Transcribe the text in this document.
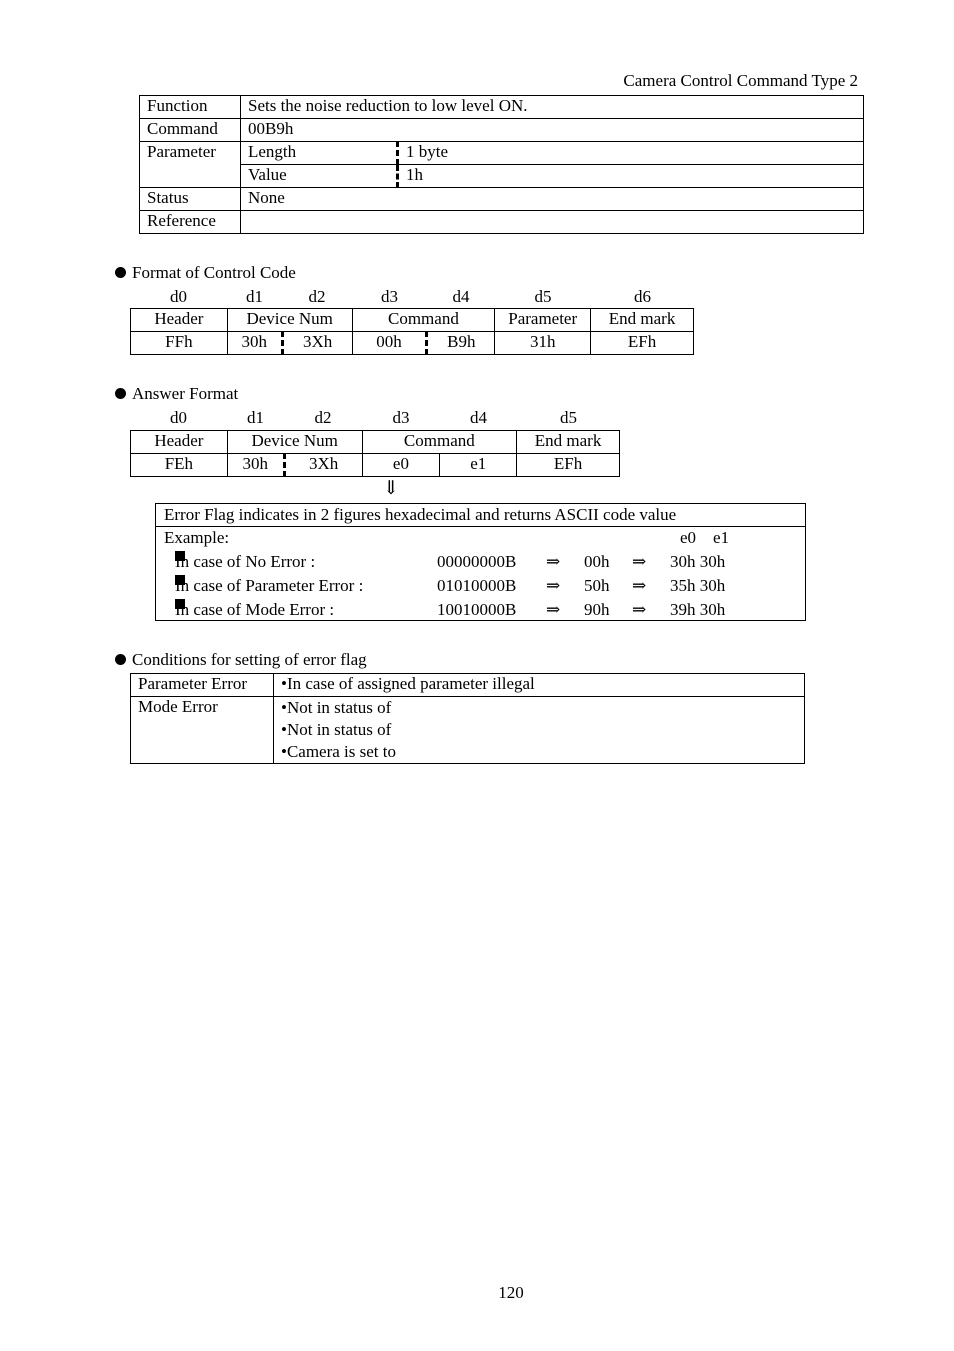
Camera Control Command Type 2
Function	Sets the noise reduction to low level ON.	
Command	00B9h	
Parameter	Length	1 byte
	Value	1h
Status	None	
Reference		
Format of Control Code
d0	d1	d2	d3	d4	d5	d6
Header	Device Num		Command		Parameter	End mark
FFh	30h	3Xh	00h	B9h	31h	EFh
Answer Format
d0	d1	d2	d3	d4	d5
Header	Device Num		Command		End mark
FEh	30h	3Xh	e0	e1	EFh
⇓
Error Flag indicates in 2 figures hexadecimal and returns ASCII code value
Example:	e0    e1
In case of No Error :	00000000B ⇒ 00h ⇒ 30h 30h
In case of Parameter Error :	01010000B ⇒ 50h ⇒ 35h 30h
In case of Mode Error :	10010000B ⇒ 90h ⇒ 39h 30h
Conditions for setting of error flag
Parameter Error	•In case of assigned parameter illegal
Mode Error	•Not in status of
•Not in status of
•Camera is set to
120
